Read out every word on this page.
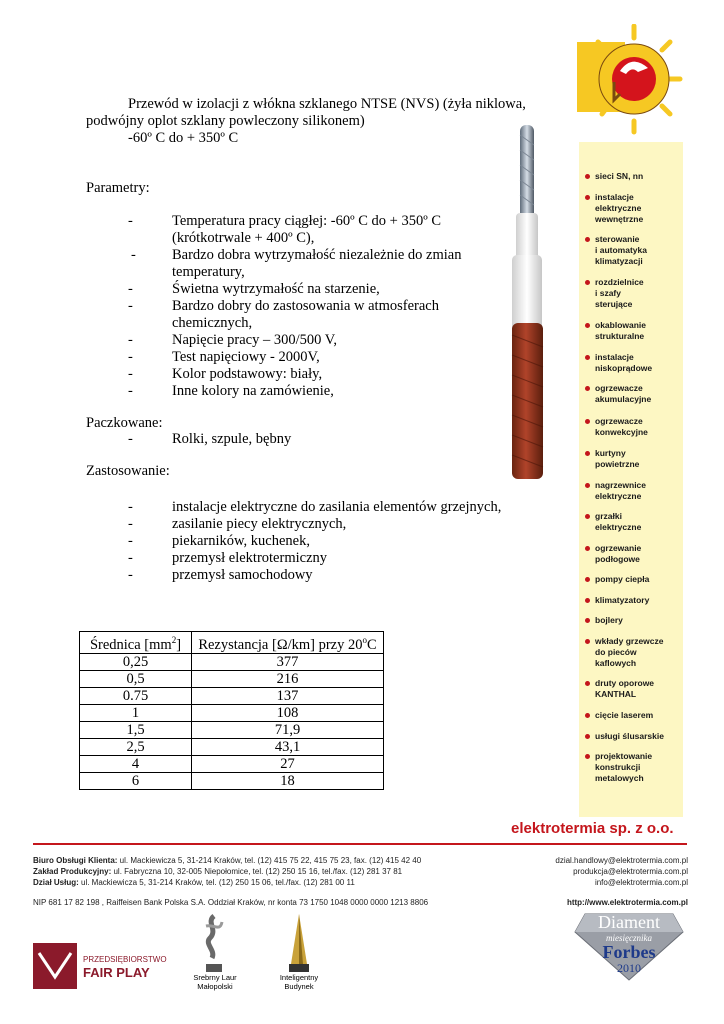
Przewód w izolacji z włókna szklanego NTSE (NVS) (żyła niklowa,
podwójny oplot szklany powleczony silikonem)
-60º C do + 350º C
Parametry:
-	Temperatura pracy ciągłej: -60º C do + 350º C
(krótkotrwale + 400º C),
- Bardzo dobra wytrzymałość niezależnie do zmian
temperatury,
-	Świetna wytrzymałość na starzenie,
-	Bardzo dobry do zastosowania w atmosferach
chemicznych,
-	Napięcie pracy – 300/500 V,
-	Test napięciowy - 2000V,
-	Kolor podstawowy: biały,
-	Inne kolory na zamówienie,
Paczkowane:
-	Rolki, szpule, bębny
Zastosowanie:
-	instalacje elektryczne do zasilania elementów grzejnych,
-	zasilanie piecy elektrycznych,
-	piekarników, kuchenek,
-	przemysł elektrotermiczny
-	przemysł samochodowy
Średnica $[mm^2]$	Rezystancja [Ω/km] przy 20$^o$C
0,25	377
0,5	216
0.75	137
1	108
1,5	71,9
2,5	43,1
4	27
6	18
sieci SN, nn
instalacje
elektryczne
wewnętrzne
sterowanie
i automatyka
klimatyzacji
rozdzielnice
i szafy
sterujące
okablowanie
strukturalne
instalacje
niskoprądowe
ogrzewacze
akumulacyjne
ogrzewacze
konwekcyjne
kurtyny
powietrzne
nagrzewnice
elektryczne
grzałki
elektryczne
ogrzewanie
podłogowe
pompy ciepła
klimatyzatory
bojlery
wkłady grzewcze
do pieców
kaflowych
druty oporowe
KANTHAL
cięcie laserem
usługi ślusarskie
projektowanie
konstrukcji
metalowych
elektrotermia sp. z o.o.
Biuro Obsługi Klienta: ul. Mackiewicza 5, 31-214 Kraków, tel. (12) 415 75 22, 415 75 23, fax. (12) 415 42 40	dzial.handlowy@elektrotermia.com.pl
Zakład Produkcyjny: ul. Fabryczna 10, 32-005 Niepołomice, tel. (12) 250 15 16, tel./fax. (12) 281 37 81	produkcja@elektrotermia.com.pl
Dział Usług: ul. Mackiewicza 5, 31-214 Kraków, tel. (12) 250 15 06, tel./fax. (12) 281 00 11	info@elektrotermia.com.pl
NIP 681 17 82 198 , Raiffeisen Bank Polska S.A. Oddział Kraków, nr konta 73 1750 1048 0000 0000 1213 8806	http://www.elektrotermia.com.pl
PRZEDSIĘBIORSTWO
FAIR PLAY	Srebrny Laur
Małopolski
Inteligentny
Budynek
Diament
miesięcznika
Forbes
2010
